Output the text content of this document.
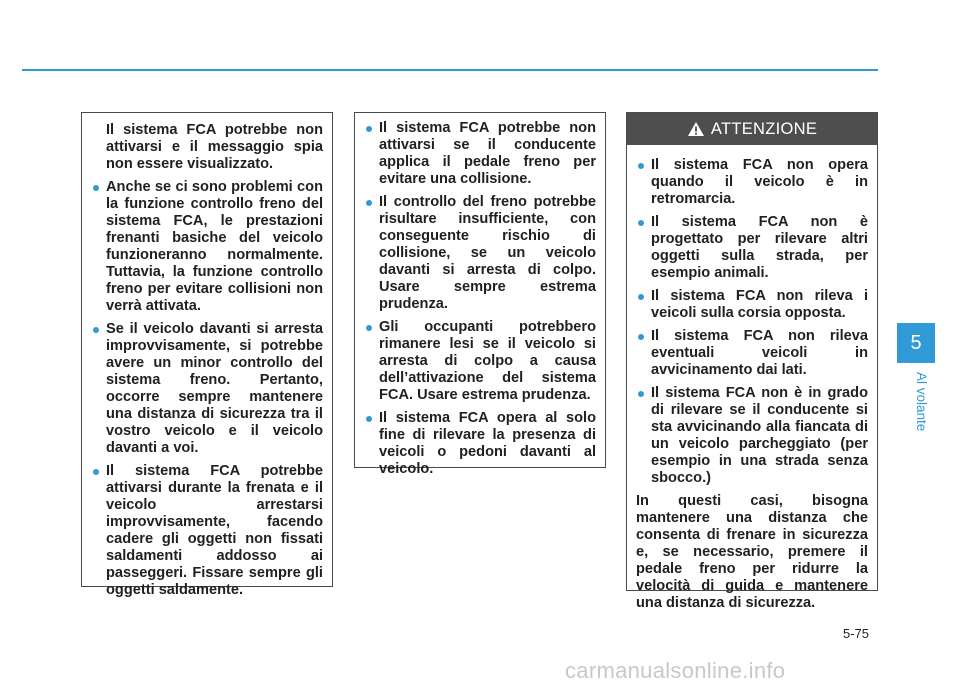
Il sistema FCA potrebbe non attivarsi e il messaggio spia non essere visualizzato.

Anche se ci sono problemi con la funzione controllo freno del sistema FCA, le prestazioni frenanti basiche del veicolo funzioneranno normalmente. Tuttavia, la funzione controllo freno per evitare collisioni non verrà attivata.
Se il veicolo davanti si arresta improvvisamente, si potrebbe avere un minor controllo del sistema freno. Pertanto, occorre sempre mantenere una distanza di sicurezza tra il vostro veicolo e il veicolo davanti a voi.
Il sistema FCA potrebbe attivarsi durante la frenata e il veicolo arrestarsi improvvisamente, facendo cadere gli oggetti non fissati saldamenti addosso ai passeggeri. Fissare sempre gli oggetti saldamente.
Il sistema FCA potrebbe non attivarsi se il conducente applica il pedale freno per evitare una collisione.
Il controllo del freno potrebbe risultare insufficiente, con conseguente rischio di collisione, se un veicolo davanti si arresta di colpo. Usare sempre estrema prudenza.
Gli occupanti potrebbero rimanere lesi se il veicolo si arresta di colpo a causa dell’attivazione del sistema FCA. Usare estrema prudenza.
Il sistema FCA opera al solo fine di rilevare la presenza di veicoli o pedoni davanti al veicolo.
ATTENZIONE
Il sistema FCA non opera quando il veicolo è in retromarcia.
Il sistema FCA non è progettato per rilevare altri oggetti sulla strada, per esempio animali.
Il sistema FCA non rileva i veicoli sulla corsia opposta.
Il sistema FCA non rileva eventuali veicoli in avvicinamento dai lati.
Il sistema FCA non è in grado di rilevare se il conducente si sta avvicinando alla fiancata di un veicolo parcheggiato (per esempio in una strada senza sbocco.)

In questi casi, bisogna mantenere una distanza che consenta di frenare in sicurezza e, se necessario, premere il pedale freno per ridurre la velocità di guida e mantenere una distanza di sicurezza.

5
Al volante
5-75
carmanualsonline.info
